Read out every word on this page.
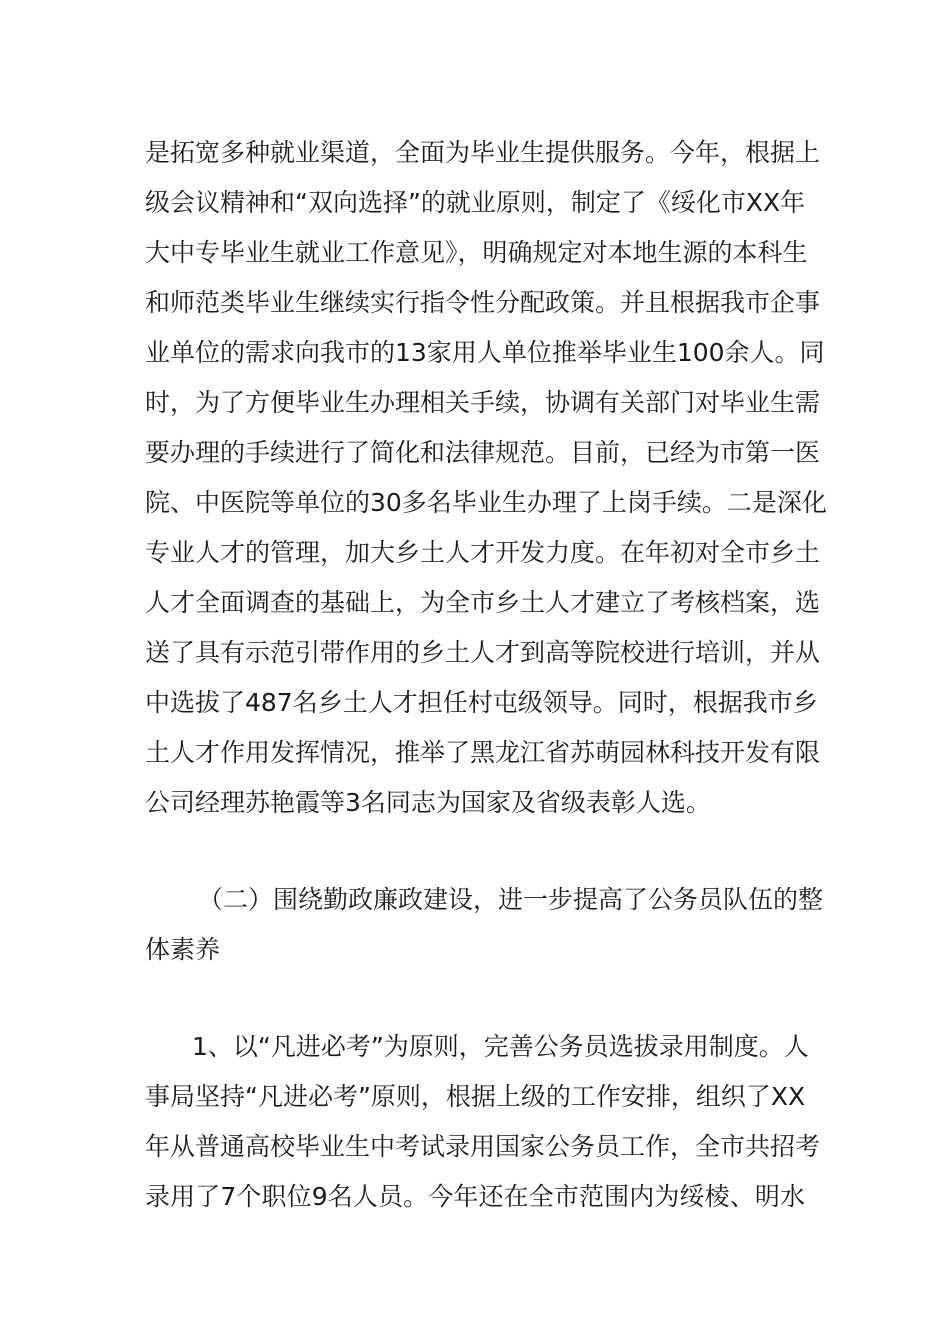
是拓宽多种就业渠道，全面为毕业生提供服务。今年，根据上
级会议精神和“双向选择”的就业原则，制定了《绥化市XX年
大中专毕业生就业工作意见》，明确规定对本地生源的本科生
和师范类毕业生继续实行指令性分配政策。并且根据我市企事
业单位的需求向我市的13家用人单位推举毕业生100余人。同
时，为了方便毕业生办理相关手续，协调有关部门对毕业生需
要办理的手续进行了简化和法律规范。目前，已经为市第一医
院、中医院等单位的30多名毕业生办理了上岗手续。二是深化
专业人才的管理，加大乡土人才开发力度。在年初对全市乡土
人才全面调查的基础上，为全市乡土人才建立了考核档案，选
送了具有示范引带作用的乡土人才到高等院校进行培训，并从
中选拔了487名乡土人才担任村屯级领导。同时，根据我市乡
土人才作用发挥情况，推举了黑龙江省苏萌园林科技开发有限
公司经理苏艳霞等3名同志为国家及省级表彰人选。
（二）围绕勤政廉政建设，进一步提高了公务员队伍的整
体素养
1、以“凡进必考”为原则，完善公务员选拔录用制度。人
事局坚持“凡进必考”原则，根据上级的工作安排，组织了XX
年从普通高校毕业生中考试录用国家公务员工作，全市共招考
录用了7个职位9名人员。今年还在全市范围内为绥棱、明水
